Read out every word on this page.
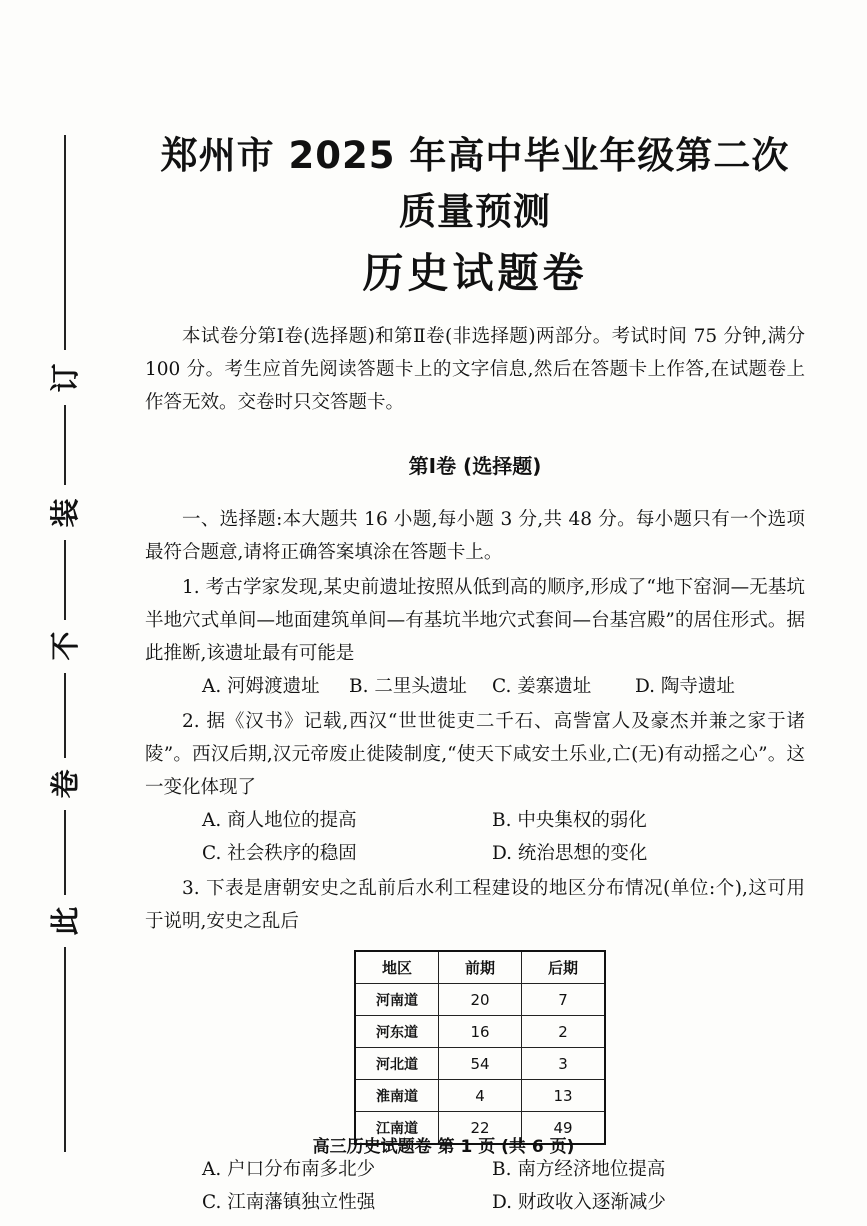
订
装
不
卷
此
郑州市 2025 年高中毕业年级第二次质量预测
历史试题卷

本试卷分第Ⅰ卷(选择题)和第Ⅱ卷(非选择题)两部分。考试时间 75 分钟,满分 100 分。考生应首先阅读答题卡上的文字信息,然后在答题卡上作答,在试题卷上作答无效。交卷时只交答题卡。

第Ⅰ卷 (选择题)

一、选择题:本大题共 16 小题,每小题 3 分,共 48 分。每小题只有一个选项最符合题意,请将正确答案填涂在答题卡上。

1. 考古学家发现,某史前遗址按照从低到高的顺序,形成了“地下窑洞—无基坑半地穴式单间—地面建筑单间—有基坑半地穴式套间—台基宫殿”的居住形式。据此推断,该遗址最有可能是

A. 河姆渡遗址	B. 二里头遗址	C. 姜寨遗址	D. 陶寺遗址

2. 据《汉书》记载,西汉“世世徙吏二千石、高訾富人及豪杰并兼之家于诸陵”。西汉后期,汉元帝废止徙陵制度,“使天下咸安土乐业,亡(无)有动摇之心”。这一变化体现了

A. 商人地位的提高	B. 中央集权的弱化
C. 社会秩序的稳固	D. 统治思想的变化

3. 下表是唐朝安史之乱前后水利工程建设的地区分布情况(单位:个),这可用于说明,安史之乱后

地区	前期	后期
河南道	20	7
河东道	16	2
河北道	54	3
淮南道	4	13
江南道	22	49
A. 户口分布南多北少	B. 南方经济地位提高
C. 江南藩镇独立性强	D. 财政收入逐渐减少
高三历史试题卷 第 1 页 (共 6 页)
